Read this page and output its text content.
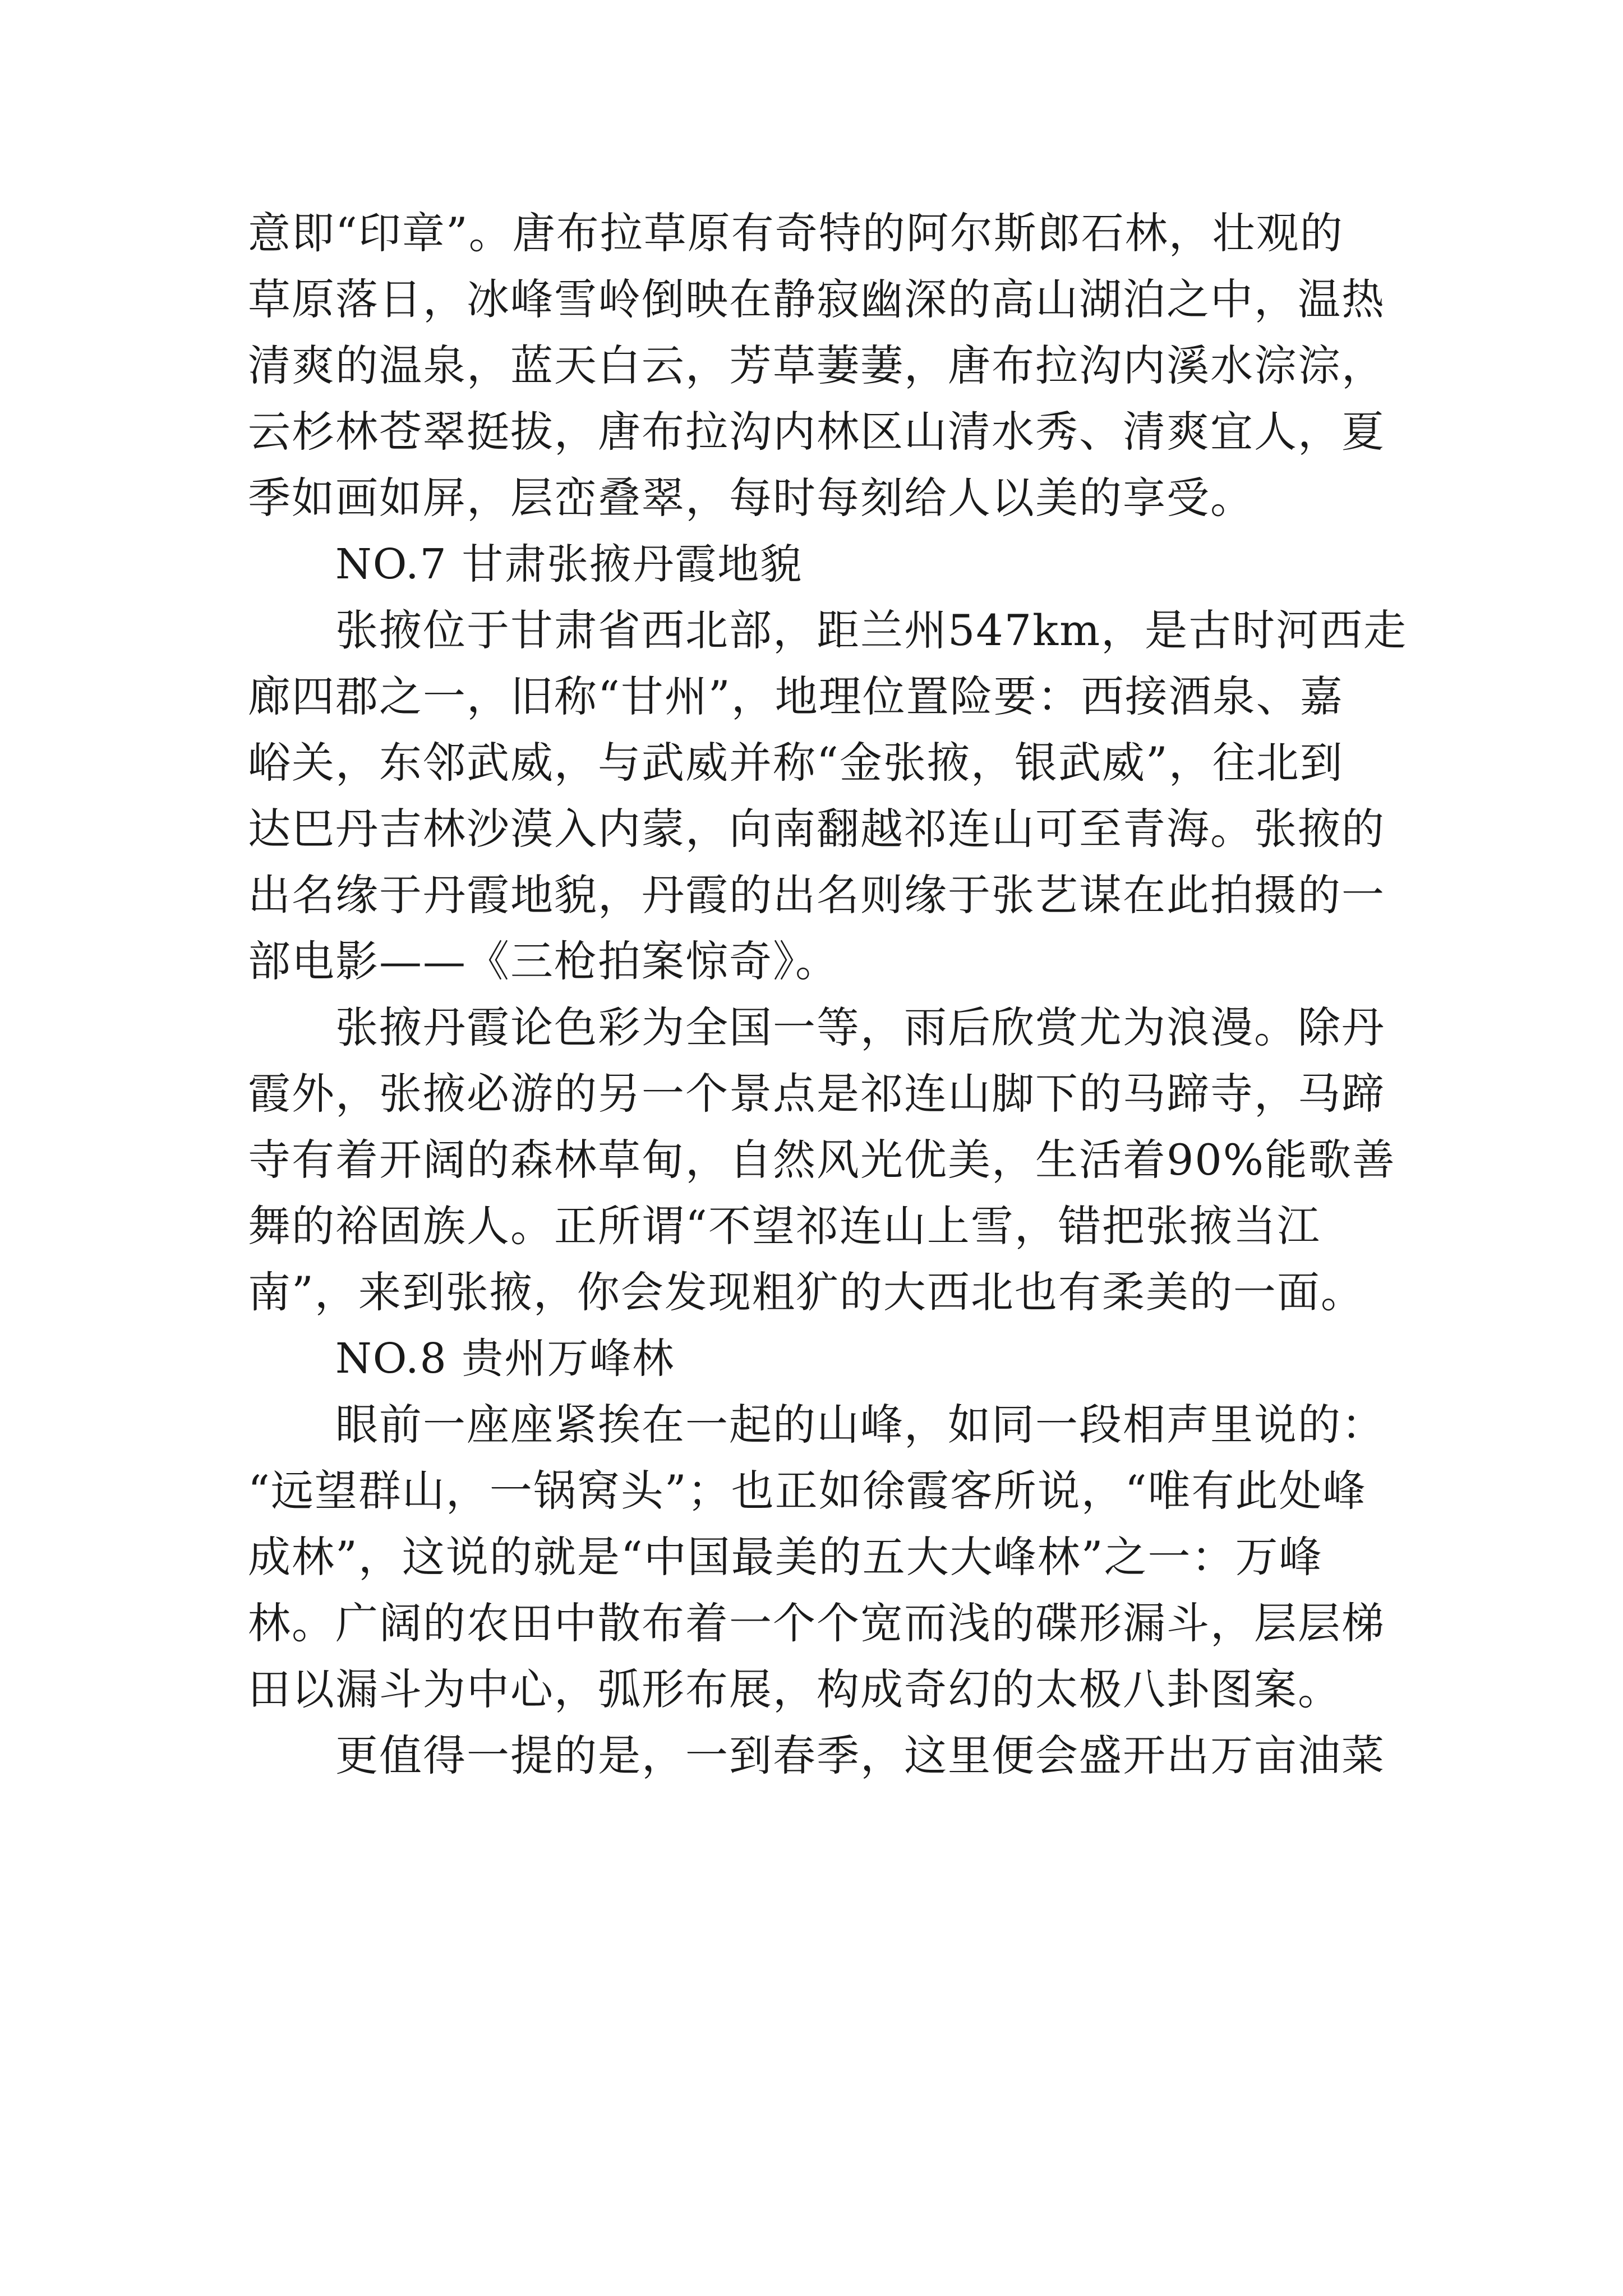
意即“印章”。唐布拉草原有奇特的阿尔斯郎石林，壮观的
草原落日，冰峰雪岭倒映在静寂幽深的高山湖泊之中，温热
清爽的温泉，蓝天白云，芳草萋萋，唐布拉沟内溪水淙淙，
云杉林苍翠挺拔，唐布拉沟内林区山清水秀、清爽宜人，夏
季如画如屏，层峦叠翠，每时每刻给人以美的享受。
NO.7 甘肃张掖丹霞地貌
张掖位于甘肃省西北部，距兰州547km，是古时河西走
廊四郡之一，旧称“甘州”，地理位置险要：西接酒泉、嘉
峪关，东邻武威，与武威并称“金张掖，银武威”，往北到
达巴丹吉林沙漠入内蒙，向南翻越祁连山可至青海。张掖的
出名缘于丹霞地貌，丹霞的出名则缘于张艺谋在此拍摄的一
部电影——《三枪拍案惊奇》。
张掖丹霞论色彩为全国一等，雨后欣赏尤为浪漫。除丹
霞外，张掖必游的另一个景点是祁连山脚下的马蹄寺，马蹄
寺有着开阔的森林草甸，自然风光优美，生活着90%能歌善
舞的裕固族人。正所谓“不望祁连山上雪，错把张掖当江
南”，来到张掖，你会发现粗犷的大西北也有柔美的一面。
NO.8 贵州万峰林
眼前一座座紧挨在一起的山峰，如同一段相声里说的：
“远望群山，一锅窝头”；也正如徐霞客所说，“唯有此处峰
成林”，这说的就是“中国最美的五大大峰林”之一：万峰
林。广阔的农田中散布着一个个宽而浅的碟形漏斗，层层梯
田以漏斗为中心，弧形布展，构成奇幻的太极八卦图案。
更值得一提的是，一到春季，这里便会盛开出万亩油菜
